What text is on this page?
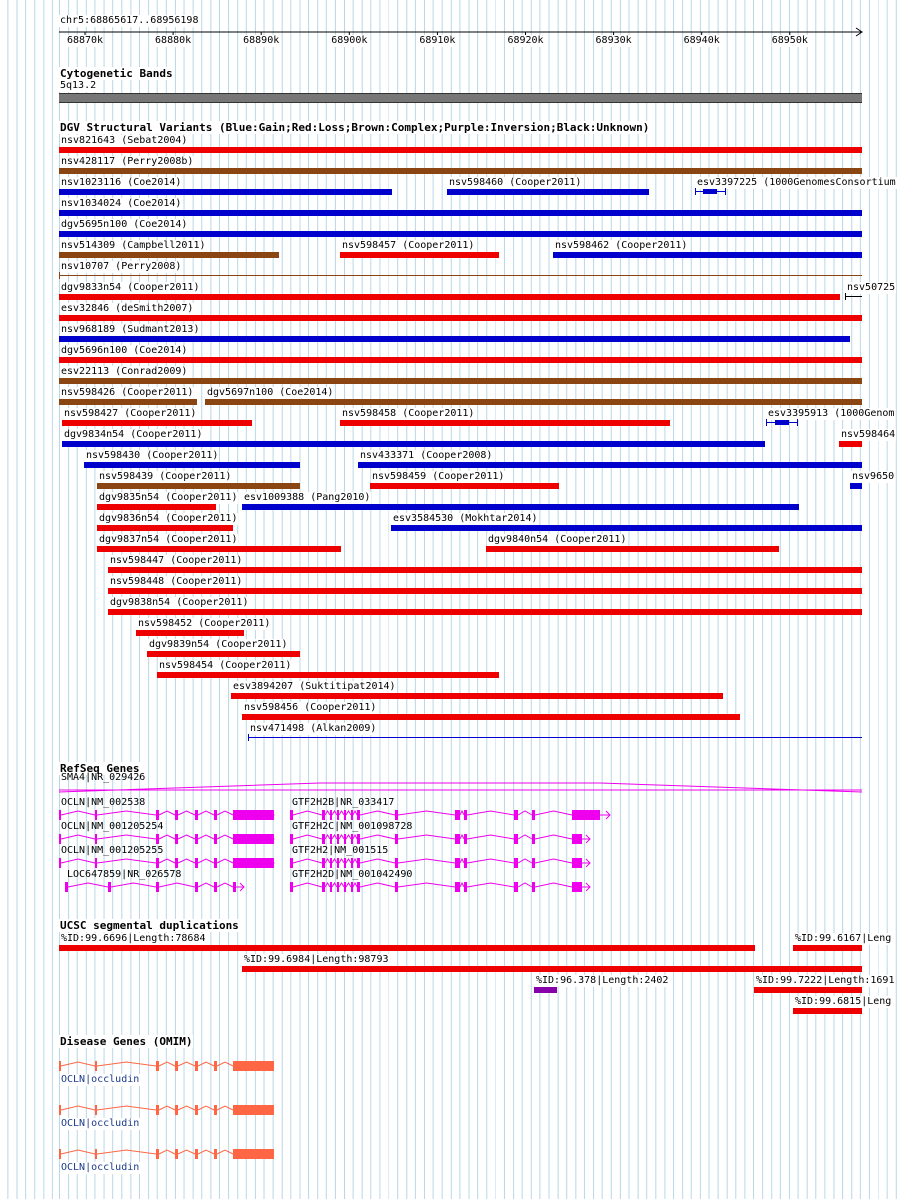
chr5:68865617..68956198
68870k	68880k	68890k	68900k	68910k	68920k	68930k	68940k	68950k
Cytogenetic Bands
5q13.2
DGV Structural Variants (Blue:Gain;Red:Loss;Brown:Complex;Purple:Inversion;Black:Unknown)
nsv821643 (Sebat2004)
nsv428117 (Perry2008b)
nsv1023116 (Coe2014)	nsv598460 (Cooper2011)	esv3397225 (1000GenomesConsortium
nsv1034024 (Coe2014)
dgv5695n100 (Coe2014)
nsv514309 (Campbell2011)	nsv598457 (Cooper2011)	nsv598462 (Cooper2011)
nsv10707 (Perry2008)
dgv9833n54 (Cooper2011)	nsv50725
esv32846 (deSmith2007)
nsv968189 (Sudmant2013)
dgv5696n100 (Coe2014)
esv22113 (Conrad2009)
nsv598426 (Cooper2011) dgv5697n100 (Coe2014)
nsv598427 (Cooper2011)	nsv598458 (Cooper2011)	esv3395913 (1000Genom
dgv9834n54 (Cooper2011)	nsv598464
nsv598430 (Cooper2011)	nsv433371 (Cooper2008)
nsv598439 (Cooper2011)	nsv598459 (Cooper2011)	nsv9650
dgv9835n54 (Cooper2011) esv1009388 (Pang2010)
dgv9836n54 (Cooper2011)	esv3584530 (Mokhtar2014)
dgv9837n54 (Cooper2011)	dgv9840n54 (Cooper2011)
nsv598447 (Cooper2011)
nsv598448 (Cooper2011)
dgv9838n54 (Cooper2011)
nsv598452 (Cooper2011)
dgv9839n54 (Cooper2011)
nsv598454 (Cooper2011)
esv3894207 (Suktitipat2014)
nsv598456 (Cooper2011)
nsv471498 (Alkan2009)
RefSeq Genes
SMA4|NR_029426
OCLN|NM_002538	GTF2H2B|NR_033417
OCLN|NM_001205254	GTF2H2C|NM_001098728
OCLN|NM_001205255	GTF2H2|NM_001515
LOC647859|NR_026578	GTF2H2D|NM_001042490
UCSC segmental duplications
%ID:99.6696|Length:78684	%ID:99.6167|Leng
%ID:99.6984|Length:98793
%ID:96.378|Length:2402	%ID:99.7222|Length:1691
%ID:99.6815|Leng
Disease Genes (OMIM)
OCLN|occludin
OCLN|occludin
OCLN|occludin
